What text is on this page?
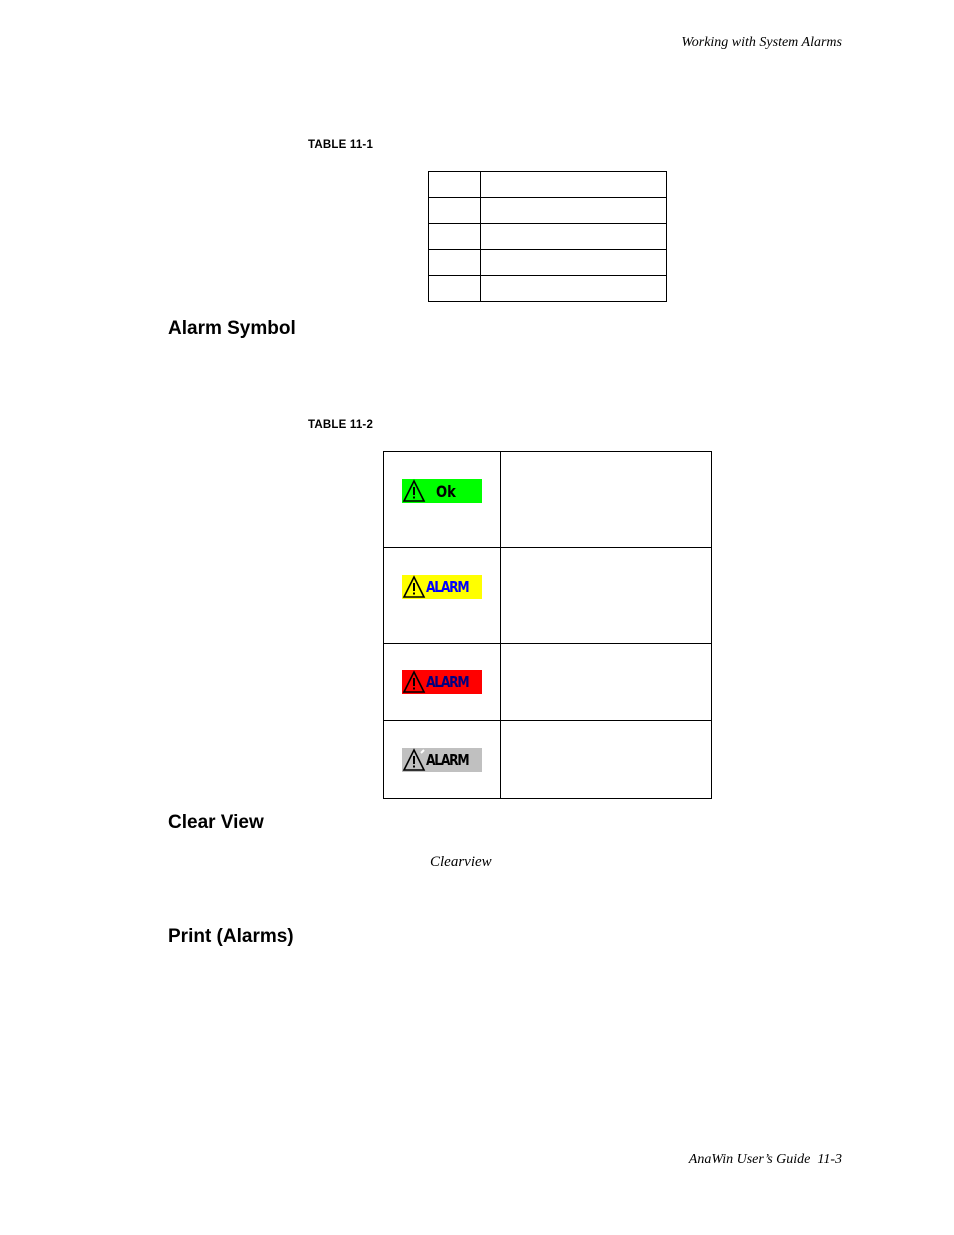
Working with System Alarms
TABLE 11-1

Alarm Symbol
TABLE 11-2
Ok	

ALARM	

ALARM	

ALARM	

Clear View
Clearview
Print (Alarms)
AnaWin User’s Guide 11-3
